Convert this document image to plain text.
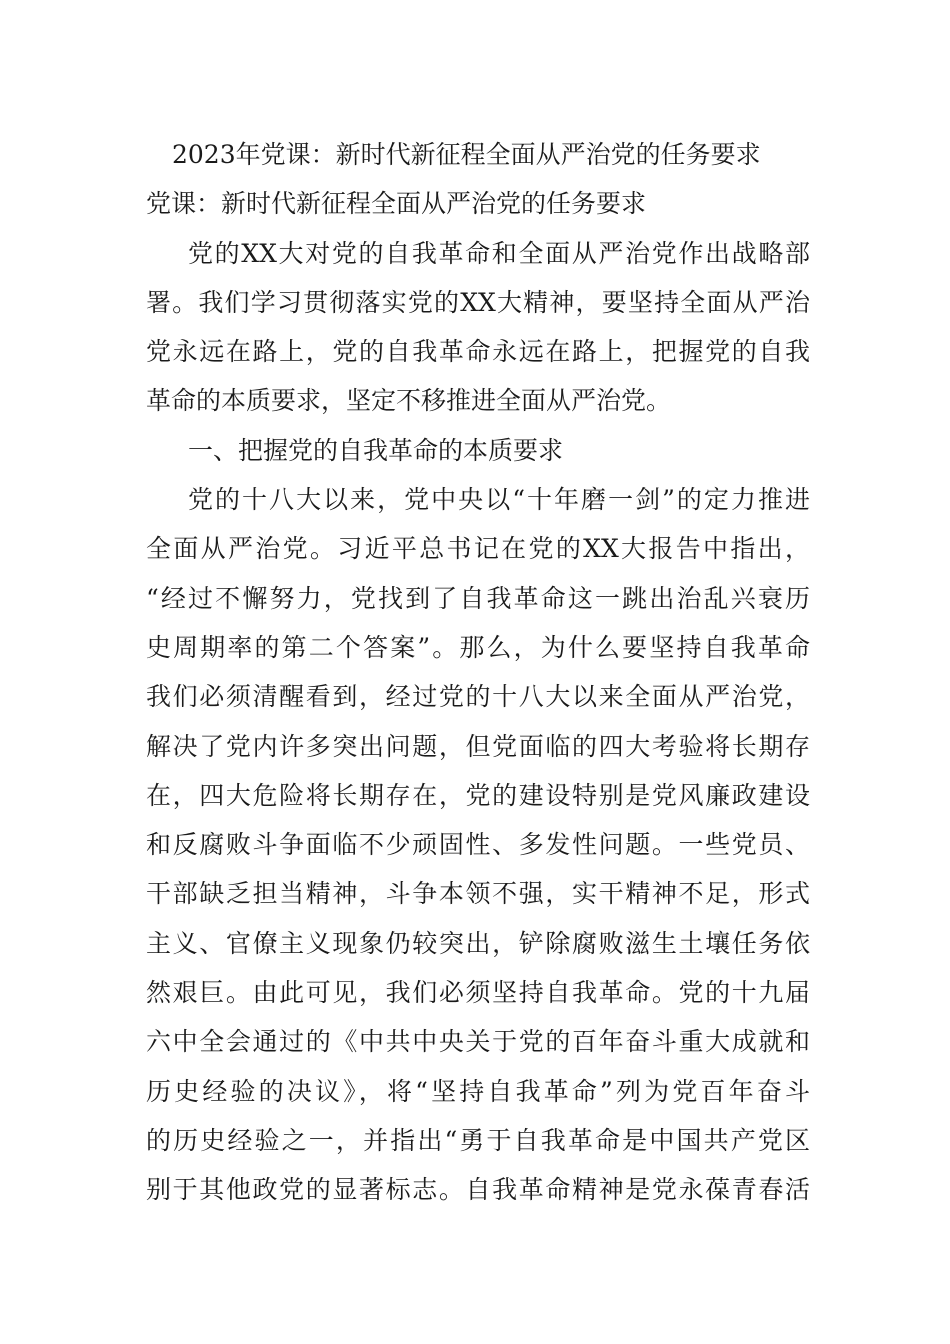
2023年党课：新时代新征程全面从严治党的任务要求
党课：新时代新征程全面从严治党的任务要求
党的XX大对党的自我革命和全面从严治党作出战略部
署。我们学习贯彻落实党的XX大精神，要坚持全面从严治
党永远在路上，党的自我革命永远在路上，把握党的自我
革命的本质要求，坚定不移推进全面从严治党。
一、把握党的自我革命的本质要求
党的十八大以来，党中央以“十年磨一剑”的定力推进
全面从严治党。习近平总书记在党的XX大报告中指出，
“经过不懈努力，党找到了自我革命这一跳出治乱兴衰历
史周期率的第二个答案”。那么，为什么要坚持自我革命
我们必须清醒看到，经过党的十八大以来全面从严治党，
解决了党内许多突出问题，但党面临的四大考验将长期存
在，四大危险将长期存在，党的建设特别是党风廉政建设
和反腐败斗争面临不少顽固性、多发性问题。一些党员、
干部缺乏担当精神，斗争本领不强，实干精神不足，形式
主义、官僚主义现象仍较突出，铲除腐败滋生土壤任务依
然艰巨。由此可见，我们必须坚持自我革命。党的十九届
六中全会通过的《中共中央关于党的百年奋斗重大成就和
历史经验的决议》，将“坚持自我革命”列为党百年奋斗
的历史经验之一，并指出“勇于自我革命是中国共产党区
别于其他政党的显著标志。自我革命精神是党永葆青春活
